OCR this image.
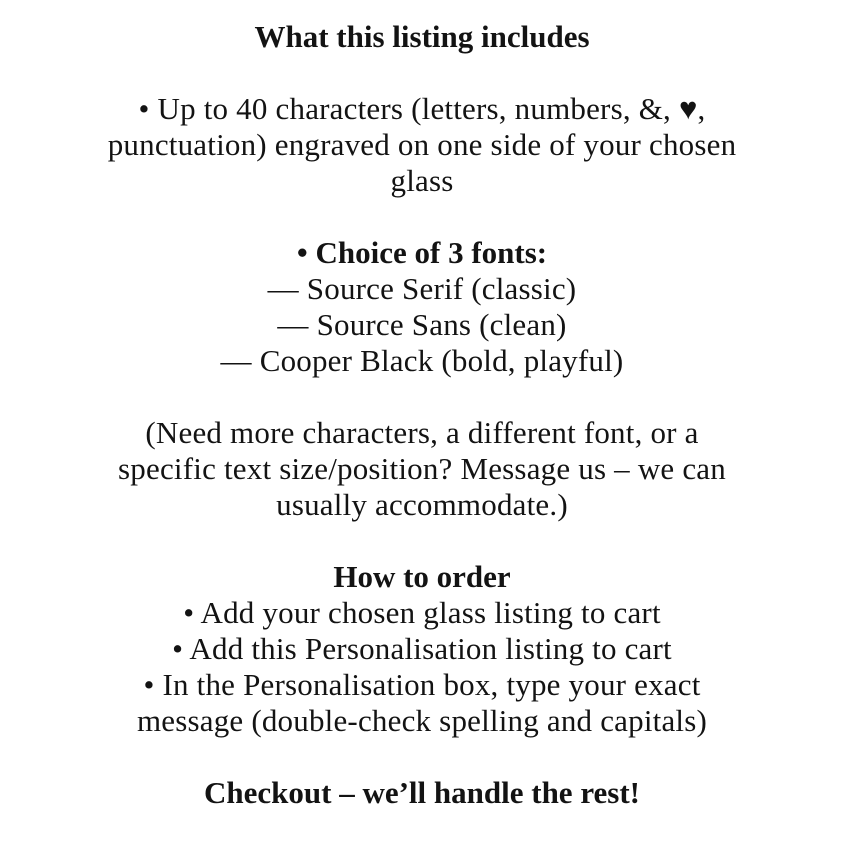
What this listing includes
• Up to 40 characters (letters, numbers, &, ♥,
punctuation) engraved on one side of your chosen
glass
• Choice of 3 fonts:
— Source Serif (classic)
— Source Sans (clean)
— Cooper Black (bold, playful)
(Need more characters, a different font, or a
specific text size/position? Message us – we can
usually accommodate.)
How to order
• Add your chosen glass listing to cart
• Add this Personalisation listing to cart
• In the Personalisation box, type your exact
message (double-check spelling and capitals)
Checkout – we’ll handle the rest!
